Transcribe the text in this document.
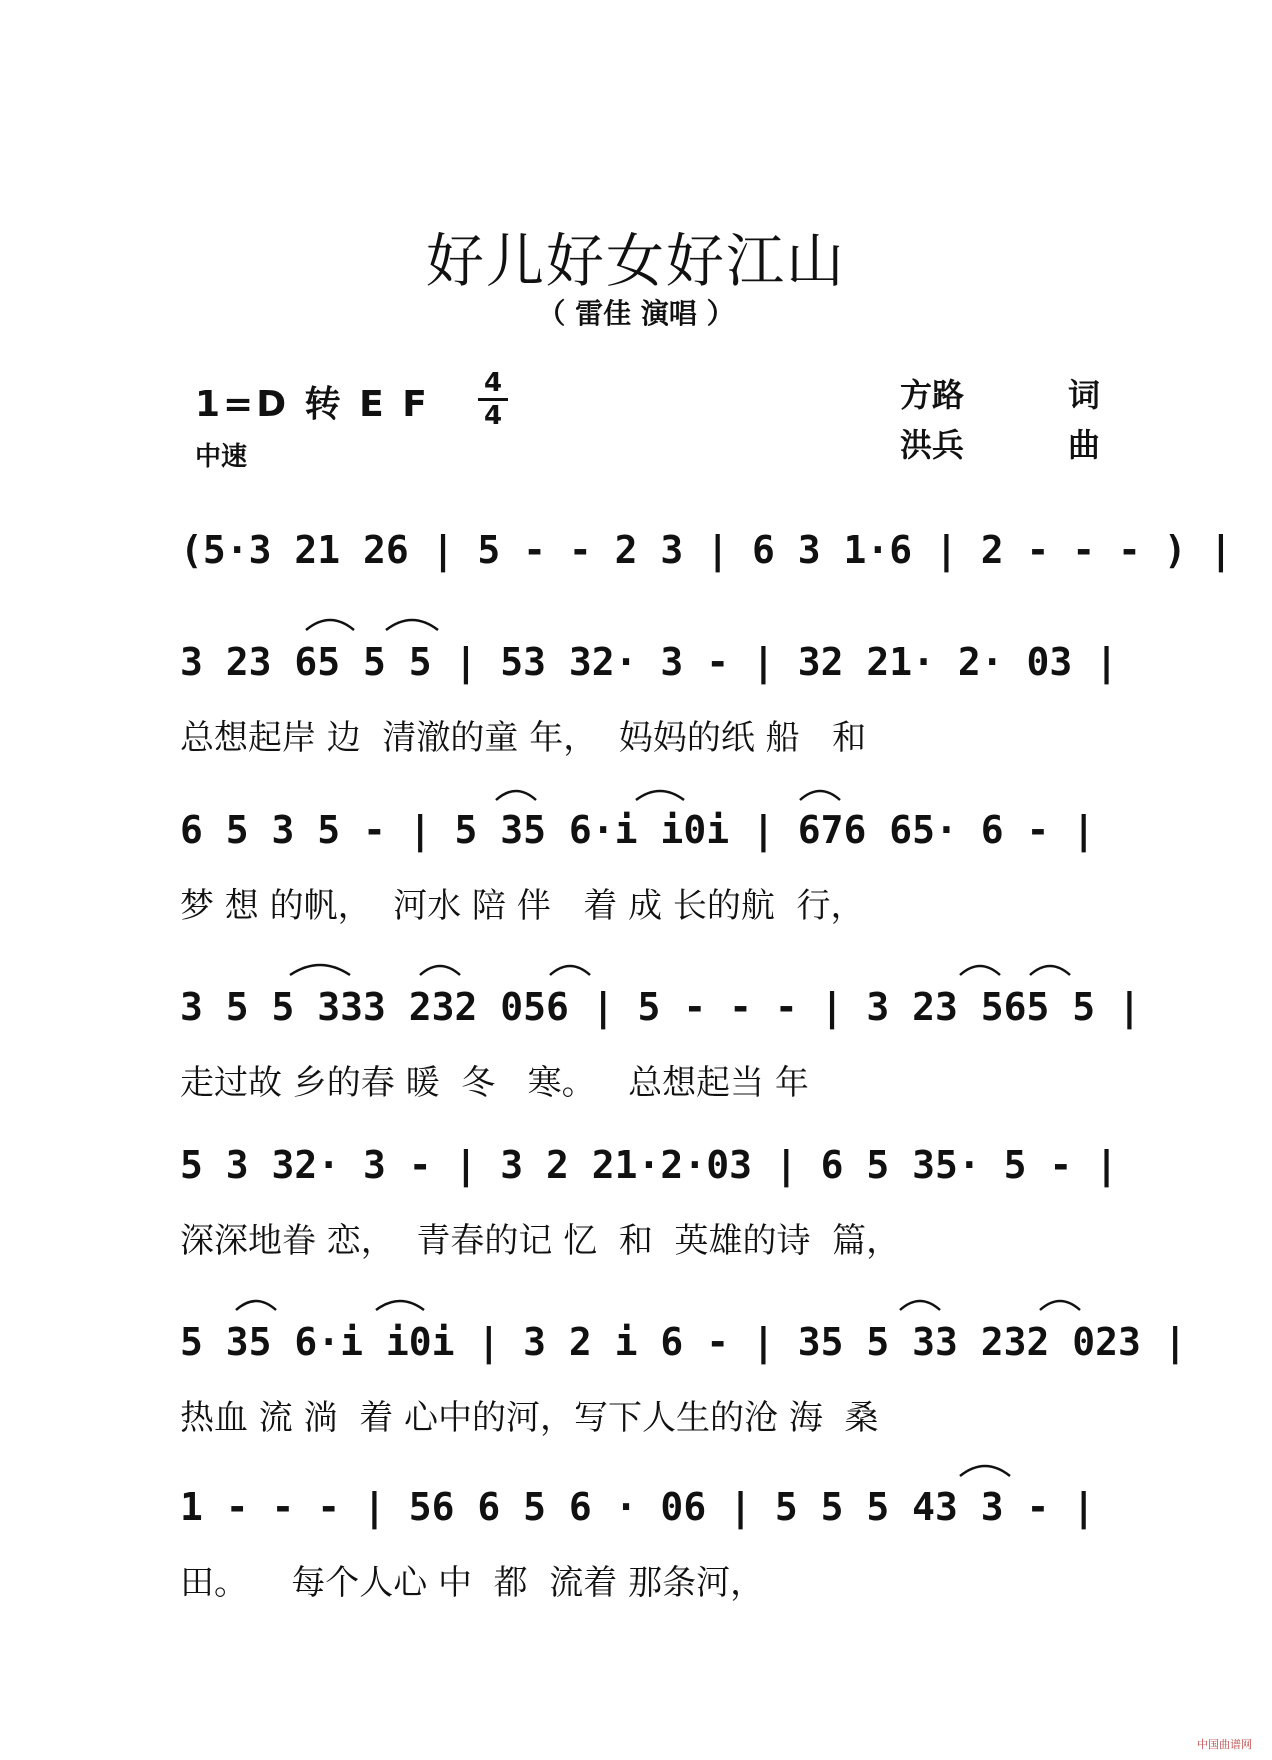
好儿好女好江山
（ 雷佳 演唱 ）
1=D 转 E F
4
4
中速
方路	词
洪兵	曲
(5·3 21 26 | 5 - - 2 3 | 6 3 1·6 | 2 - - - ) |
3 23 65 5 5 | 53 32· 3 - | 32 21· 2· 03 |
总想起岸 边  清澈的童 年，  妈妈的纸 船   和
6 5 3 5 - | 5 35 6·i i0i | 676 65· 6 - |
梦 想 的帆，  河水 陪 伴   着 成 长的航  行，
3 5 5 333 232 056 | 5 - - - | 3 23 565 5 |
走过故 乡的春 暖  冬   寒。   总想起当 年
5 3 32· 3 - | 3 2 21·2·03 | 6 5 35· 5 - |
深深地眷 恋，  青春的记 忆  和  英雄的诗  篇，
5 35 6·i i0i | 3 2 i 6 - | 35 5 33 232 023 |
热血 流 淌  着 心中的河，写下人生的沧 海  桑
1 - - - | 56 6 5 6 · 06 | 5 5 5 43 3 - |
田。    每个人心 中  都  流着 那条河，
中国曲谱网
